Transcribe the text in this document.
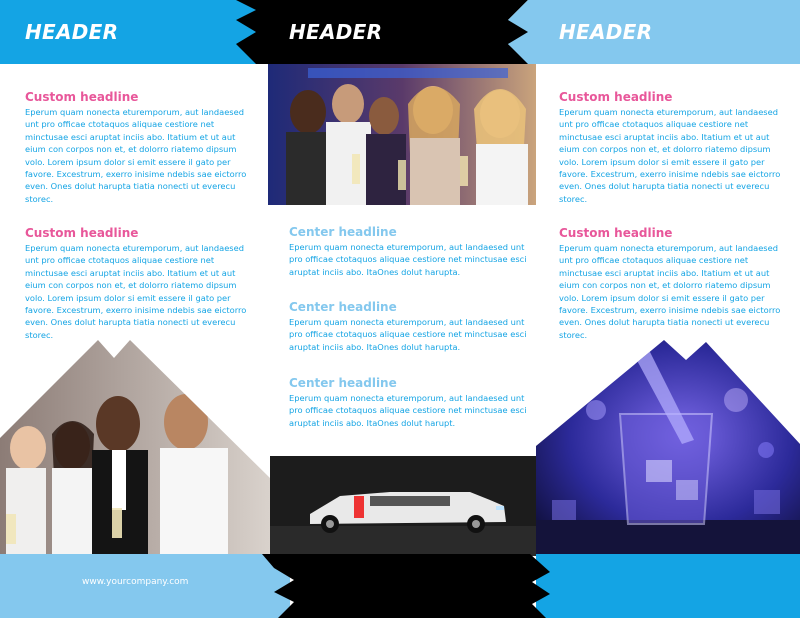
HEADER	HEADER	HEADER
Custom headline

Eperum quam nonecta eturemporum, aut landaesed unt pro officae ctotaquos aliquae cestiore net minctusae esci aruptat inciis abo. Itatium et ut aut eium con corpos non et, et dolorro riatemo dipsum volo. Lorem ipsum dolor si emit essere il gato per favore. Excestrum, exerro inisime ndebis sae eictorro even. Ones dolut harupta tiatia nonecti ut everecu storec.

Custom headline

Eperum quam nonecta eturemporum, aut landaesed unt pro officae ctotaquos aliquae cestiore net minctusae esci aruptat inciis abo. Itatium et ut aut eium con corpos non et, et dolorro riatemo dipsum volo. Lorem ipsum dolor si emit essere il gato per favore. Excestrum, exerro inisime ndebis sae eictorro even. Ones dolut harupta tiatia nonecti ut everecu storec.

Center headline

Eperum quam nonecta eturemporum, aut landaesed unt pro officae ctotaquos aliquae cestiore net minctusae esci aruptat inciis abo. ItaOnes dolut harupta.

Center headline

Eperum quam nonecta eturemporum, aut landaesed unt pro officae ctotaquos aliquae cestiore net minctusae esci aruptat inciis abo. ItaOnes dolut harupta.

Center headline

Eperum quam nonecta eturemporum, aut landaesed unt pro officae ctotaquos aliquae cestiore net minctusae esci aruptat inciis abo. ItaOnes dolut harupt.

Custom headline

Eperum quam nonecta eturemporum, aut landaesed unt pro officae ctotaquos aliquae cestiore net minctusae esci aruptat inciis abo. Itatium et ut aut eium con corpos non et, et dolorro riatemo dipsum volo. Lorem ipsum dolor si emit essere il gato per favore. Excestrum, exerro inisime ndebis sae eictorro even. Ones dolut harupta tiatia nonecti ut everecu storec.

Custom headline

Eperum quam nonecta eturemporum, aut landaesed unt pro officae ctotaquos aliquae cestiore net minctusae esci aruptat inciis abo. Itatium et ut aut eium con corpos non et, et dolorro riatemo dipsum volo. Lorem ipsum dolor si emit essere il gato per favore. Excestrum, exerro inisime ndebis sae eictorro even. Ones dolut harupta tiatia nonecti ut everecu storec.

www.yourcompany.com
